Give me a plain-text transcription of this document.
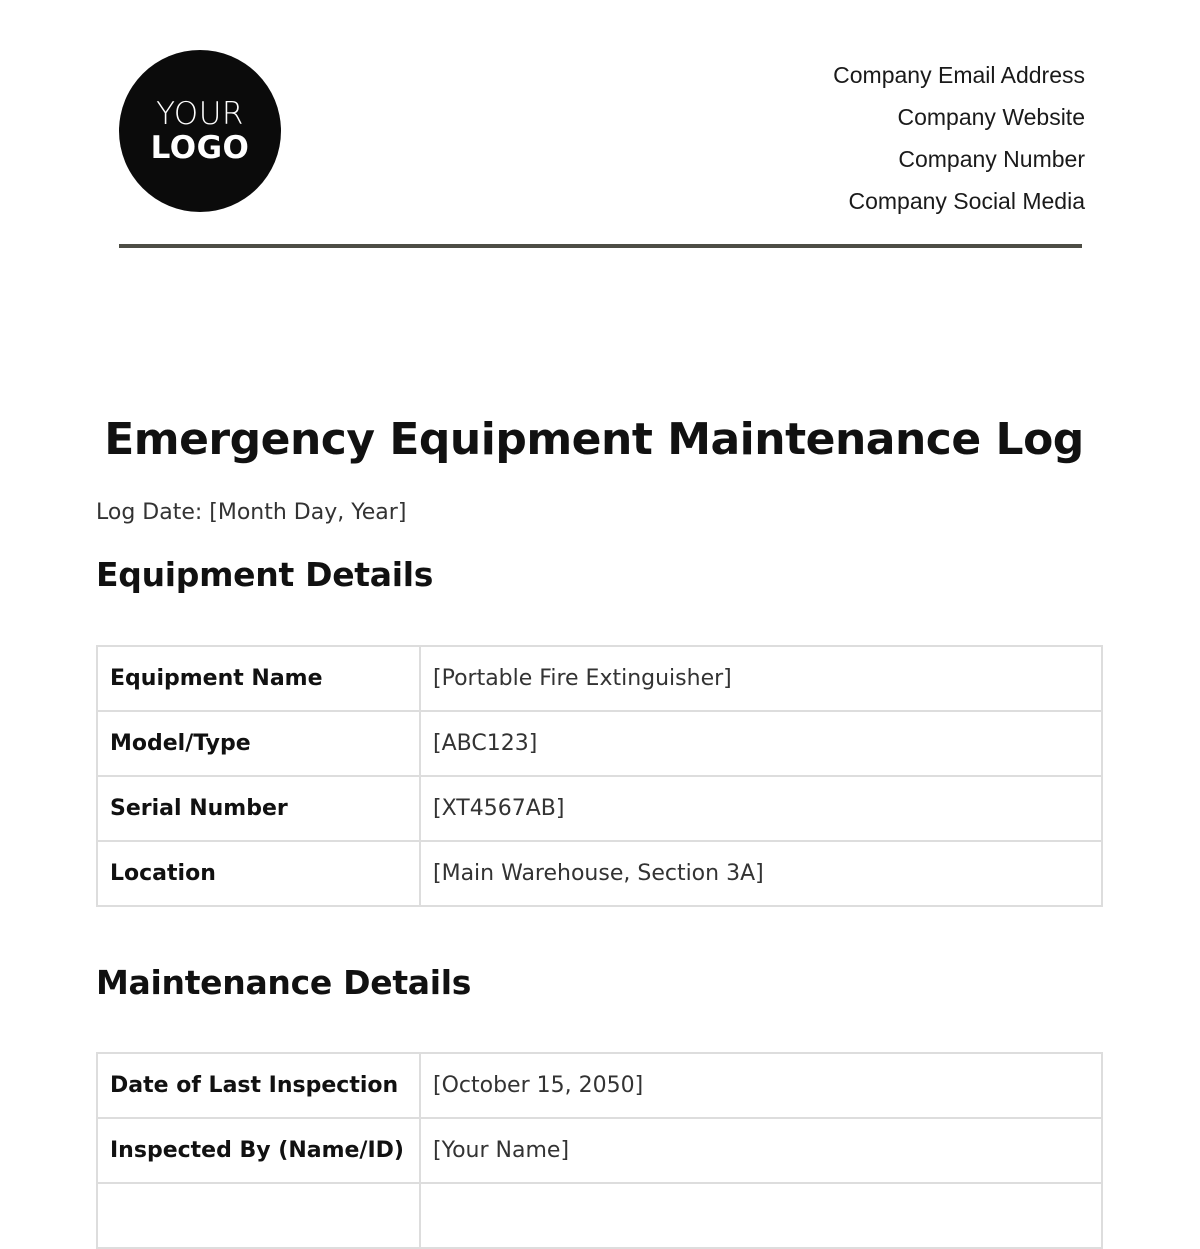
YOUR
LOGO
Company Email Address
Company Website
Company Number
Company Social Media
Emergency Equipment Maintenance Log
Log Date: [Month Day, Year]
Equipment Details
Equipment Name	[Portable Fire Extinguisher]
Model/Type	[ABC123]
Serial Number	[XT4567AB]
Location	[Main Warehouse, Section 3A]
Maintenance Details
Date of Last Inspection	[October 15, 2050]
Inspected By (Name/ID)	[Your Name]
